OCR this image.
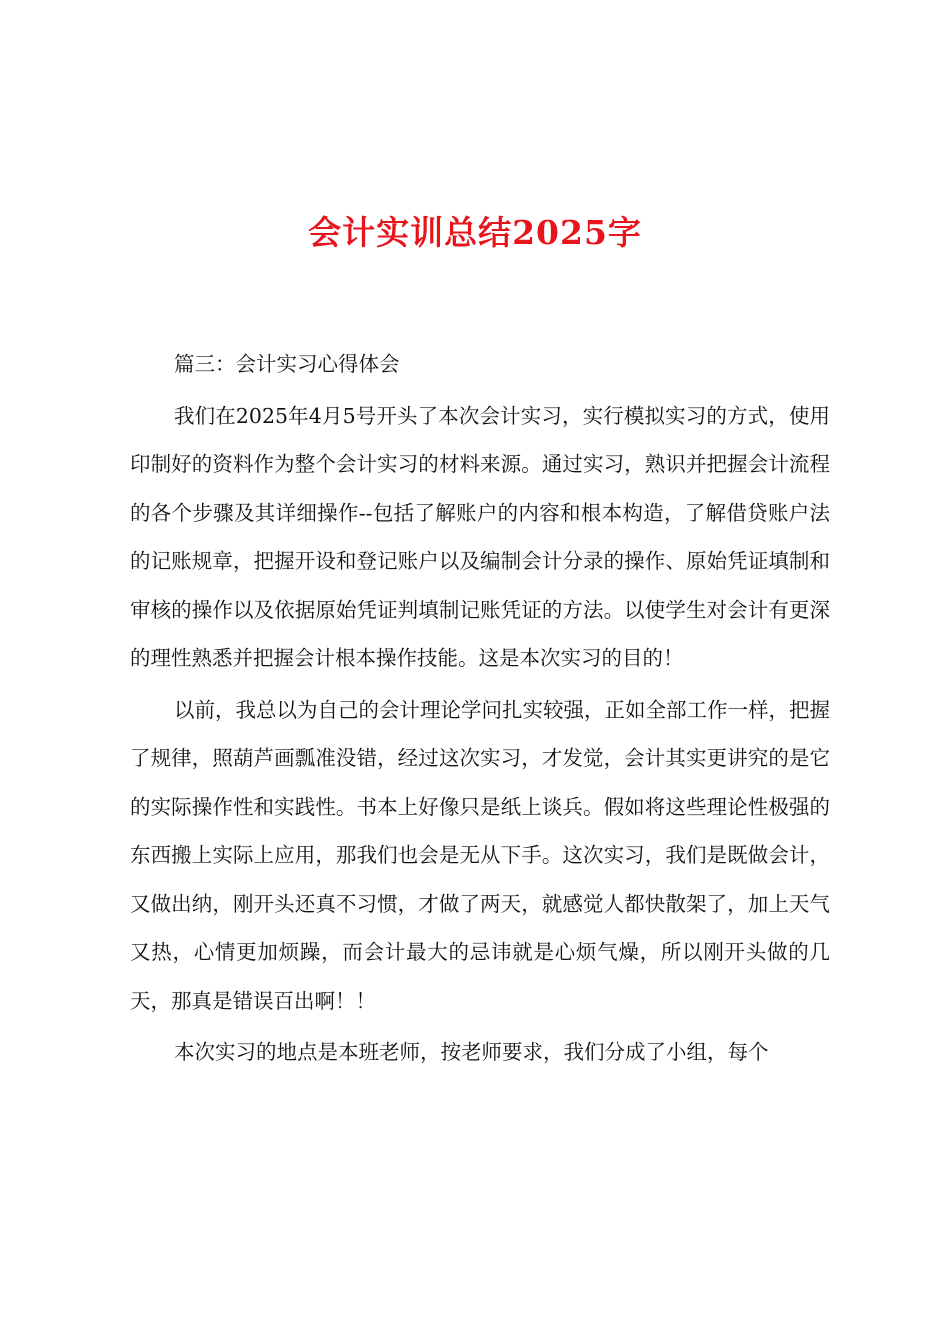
会计实训总结2025字

篇三：会计实习心得体会

我们在2025年4月5号开头了本次会计实习，实行模拟实习的方式，使用印制好的资料作为整个会计实习的材料来源。通过实习，熟识并把握会计流程的各个步骤及其详细操作--包括了解账户的内容和根本构造，了解借贷账户法的记账规章，把握开设和登记账户以及编制会计分录的操作、原始凭证填制和审核的操作以及依据原始凭证判填制记账凭证的方法。以使学生对会计有更深的理性熟悉并把握会计根本操作技能。这是本次实习的目的！

以前，我总以为自己的会计理论学问扎实较强，正如全部工作一样，把握了规律，照葫芦画瓢准没错，经过这次实习，才发觉，会计其实更讲究的是它的实际操作性和实践性。书本上好像只是纸上谈兵。假如将这些理论性极强的东西搬上实际上应用，那我们也会是无从下手。这次实习，我们是既做会计，又做出纳，刚开头还真不习惯，才做了两天，就感觉人都快散架了，加上天气又热，心情更加烦躁，而会计最大的忌讳就是心烦气燥，所以刚开头做的几天，那真是错误百出啊！！

本次实习的地点是本班老师，按老师要求，我们分成了小组，每个
